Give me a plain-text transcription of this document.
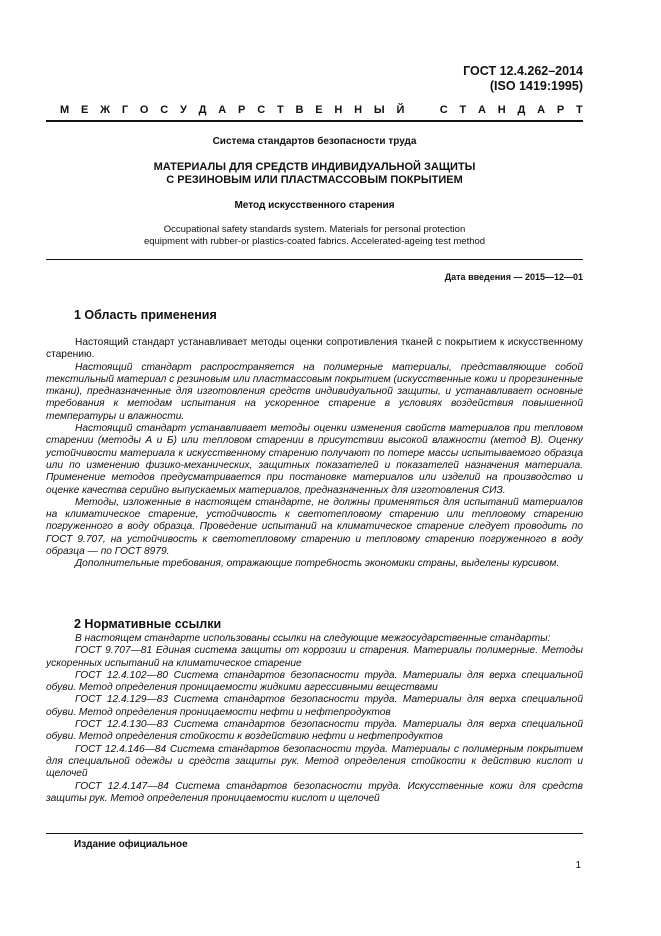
ГОСТ 12.4.262–2014
(ISO 1419:1995)
М Е Ж Г О С У Д А Р С Т В Е Н Н Ы Й	С Т А Н Д А Р Т
Система стандартов безопасности труда
МАТЕРИАЛЫ ДЛЯ СРЕДСТВ ИНДИВИДУАЛЬНОЙ ЗАЩИТЫ
С РЕЗИНОВЫМ ИЛИ ПЛАСТМАССОВЫМ ПОКРЫТИЕМ
Метод искусственного старения
Occupational safety standards system. Materials for personal protection
equipment with rubber-or plastics-coated fabrics. Accelerated-ageing test method
Дата введения — 2015—12—01
1 Область применения

Настоящий стандарт устанавливает методы оценки сопротивления тканей с покрытием к искусственному старению.

Настоящий стандарт распространяется на полимерные материалы, представляющие собой текстильный материал с резиновым или пластмассовым покрытием (искусственные кожи и прорезиненные ткани), предназначенные для изготовления средств индивидуальной защиты, и устанавливает основные требования к методам испытания на ускоренное старение в условиях воздействия повышенной температуры и влажности.

Настоящий стандарт устанавливает методы оценки изменения свойств материалов при тепловом старении (методы А и Б) или тепловом старении в присутствии высокой влажности (метод В). Оценку устойчивости материала к искусственному старению получают по потере массы испытываемого образца или по изменению физико-механических, защитных показателей и показателей назначения материала. Применение методов предусматривается при постановке материалов или изделий на производство и оценке качества серийно выпускаемых материалов, предназначенных для изготовления СИЗ.

Методы, изложенные в настоящем стандарте, не должны применяться для испытаний материалов на климатическое старение, устойчивость к светотепловому старению или тепловому старению погруженного в воду образца. Проведение испытаний на климатическое старение следует проводить по ГОСТ 9.707, на устойчивость к светотепловому старению и тепловому старению погруженного в воду образца — по ГОСТ 8979.

Дополнительные требования, отражающие потребность экономики страны, выделены курсивом.

2 Нормативные ссылки

В настоящем стандарте использованы ссылки на следующие межгосударственные стандарты:

ГОСТ 9.707—81 Единая система защиты от коррозии и старения. Материалы полимерные. Методы ускоренных испытаний на климатическое старение

ГОСТ 12.4.102—80 Система стандартов безопасности труда. Материалы для верха специальной обуви. Метод определения проницаемости жидкими агрессивными веществами

ГОСТ 12.4.129—83 Система стандартов безопасности труда. Материалы для верха специальной обуви. Метод определения проницаемости нефти и нефтепродуктов

ГОСТ 12.4.130—83 Система стандартов безопасности труда. Материалы для верха специальной обуви. Метод определения стойкости к воздействию нефти и нефтепродуктов

ГОСТ 12.4.146—84 Система стандартов безопасности труда. Материалы с полимерным покрытием для специальной одежды и средств защиты рук. Метод определения стойкости к действию кислот и щелочей

ГОСТ 12.4.147—84 Система стандартов безопасности труда. Искусственные кожи для средств защиты рук. Метод определения проницаемости кислот и щелочей

Издание официальное
1
